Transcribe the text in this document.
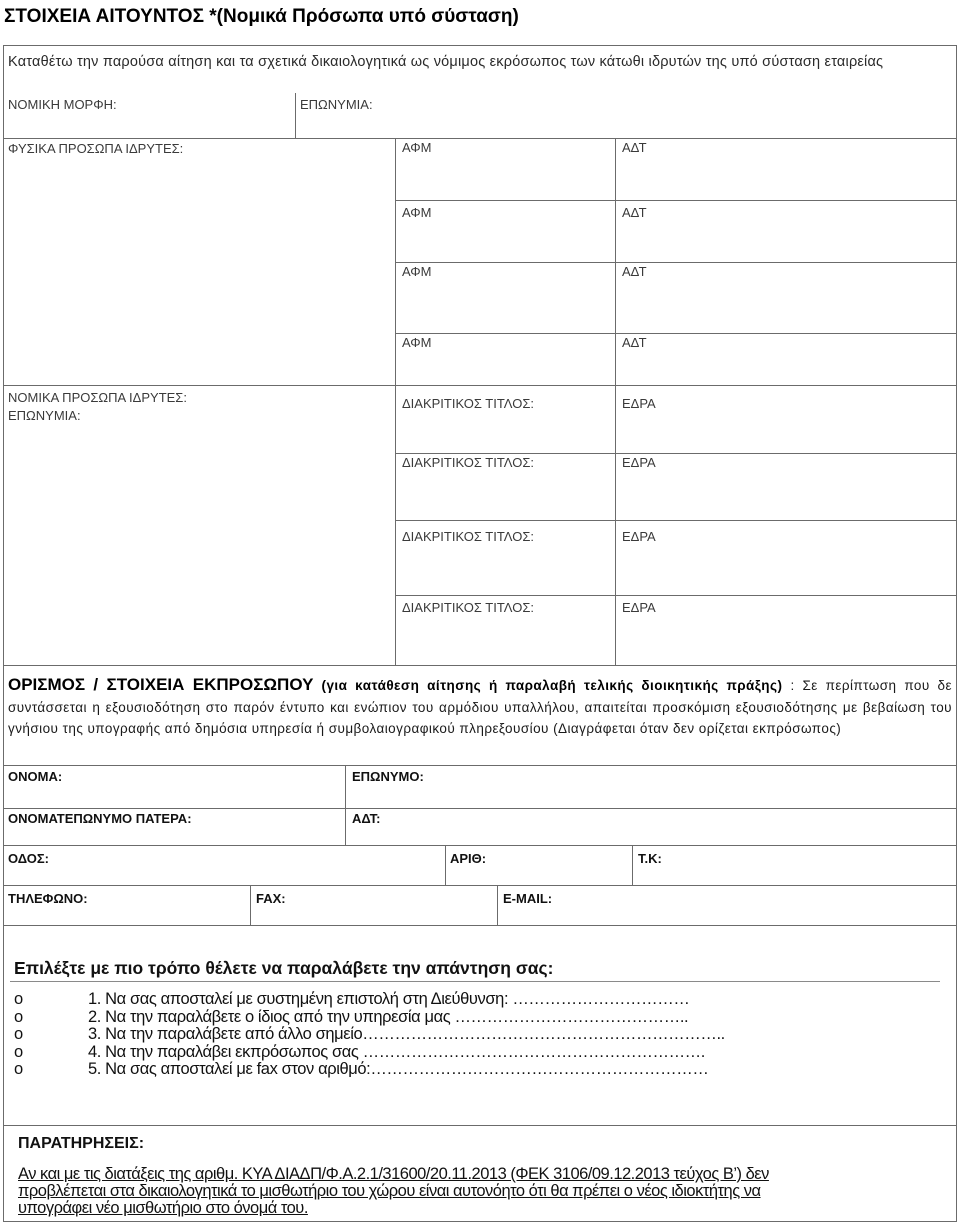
ΣΤΟΙΧΕΙΑ ΑΙΤΟΥΝΤΟΣ *(Νομικά Πρόσωπα υπό σύσταση)
Καταθέτω την παρούσα αίτηση και τα σχετικά δικαιολογητικά ως νόμιμος εκρόσωπος των κάτωθι ιδρυτών της υπό σύσταση εταιρείας
ΝΟΜΙΚΗ ΜΟΡΦΗ:	ΕΠΩΝΥΜΙΑ:
ΦΥΣΙΚΑ ΠΡΟΣΩΠΑ ΙΔΡΥΤΕΣ:	ΑΦΜ	ΑΔΤ
ΑΦΜ	ΑΔΤ
ΑΦΜ	ΑΔΤ
ΑΦΜ	ΑΔΤ
ΝΟΜΙΚΑ ΠΡΟΣΩΠΑ ΙΔΡΥΤΕΣ:
ΕΠΩΝΥΜΙΑ:
ΔΙΑΚΡΙΤΙΚΟΣ ΤΙΤΛΟΣ:	ΕΔΡΑ
ΔΙΑΚΡΙΤΙΚΟΣ ΤΙΤΛΟΣ:	ΕΔΡΑ
ΔΙΑΚΡΙΤΙΚΟΣ ΤΙΤΛΟΣ:	ΕΔΡΑ
ΔΙΑΚΡΙΤΙΚΟΣ ΤΙΤΛΟΣ:	ΕΔΡΑ
ΟΡΙΣΜΟΣ / ΣΤΟΙΧΕΙΑ ΕΚΠΡΟΣΩΠΟΥ (για κατάθεση αίτησης ή παραλαβή τελικής διοικητικής πράξης) : Σε περίπτωση που δε συντάσσεται η εξουσιοδότηση στο παρόν έντυπο και ενώπιον του αρμόδιου υπαλλήλου, απαιτείται προσκόμιση εξουσιοδότησης με βεβαίωση του γνήσιου της υπογραφής από δημόσια υπηρεσία ή συμβολαιογραφικού πληρεξουσίου (Διαγράφεται όταν δεν ορίζεται εκπρόσωπος)
ΟΝΟΜΑ:	ΕΠΩΝΥΜΟ:
ΟΝΟΜΑΤΕΠΩΝΥΜΟ ΠΑΤΕΡΑ:	ΑΔΤ:
ΟΔΟΣ:	ΑΡΙΘ:	Τ.Κ:
ΤΗΛΕΦΩΝΟ:	FAX:	E-MAIL:
Επιλέξτε με πιο τρόπο θέλετε να παραλάβετε την απάντηση σας:
o	1. Να σας αποσταλεί με συστημένη επιστολή στη Διεύθυνση: ……………………………
o	2. Να την παραλάβετε ο ίδιος από την υπηρεσία μας ……………………………………..
o	3. Να την παραλάβετε από άλλο σημείο…………………………………………………………..
o	4. Να την παραλάβει εκπρόσωπος σας ……………………………………………………….
o	5. Να σας αποσταλεί με fax στον αριθμό:………………………………………………………
ΠΑΡΑΤΗΡΗΣΕΙΣ:
Αν και με τις διατάξεις της αριθμ. ΚΥΑ ΔΙΑΔΠ/Φ.Α.2.1/31600/20.11.2013 (ΦΕΚ 3106/09.12.2013 τεύχος Β’) δεν
προβλέπεται στα δικαιολογητικά το μισθωτήριο του χώρου είναι αυτονόητο ότι θα πρέπει ο νέος ιδιοκτήτης να
υπογράφει νέο μισθωτήριο στο όνομά του.
